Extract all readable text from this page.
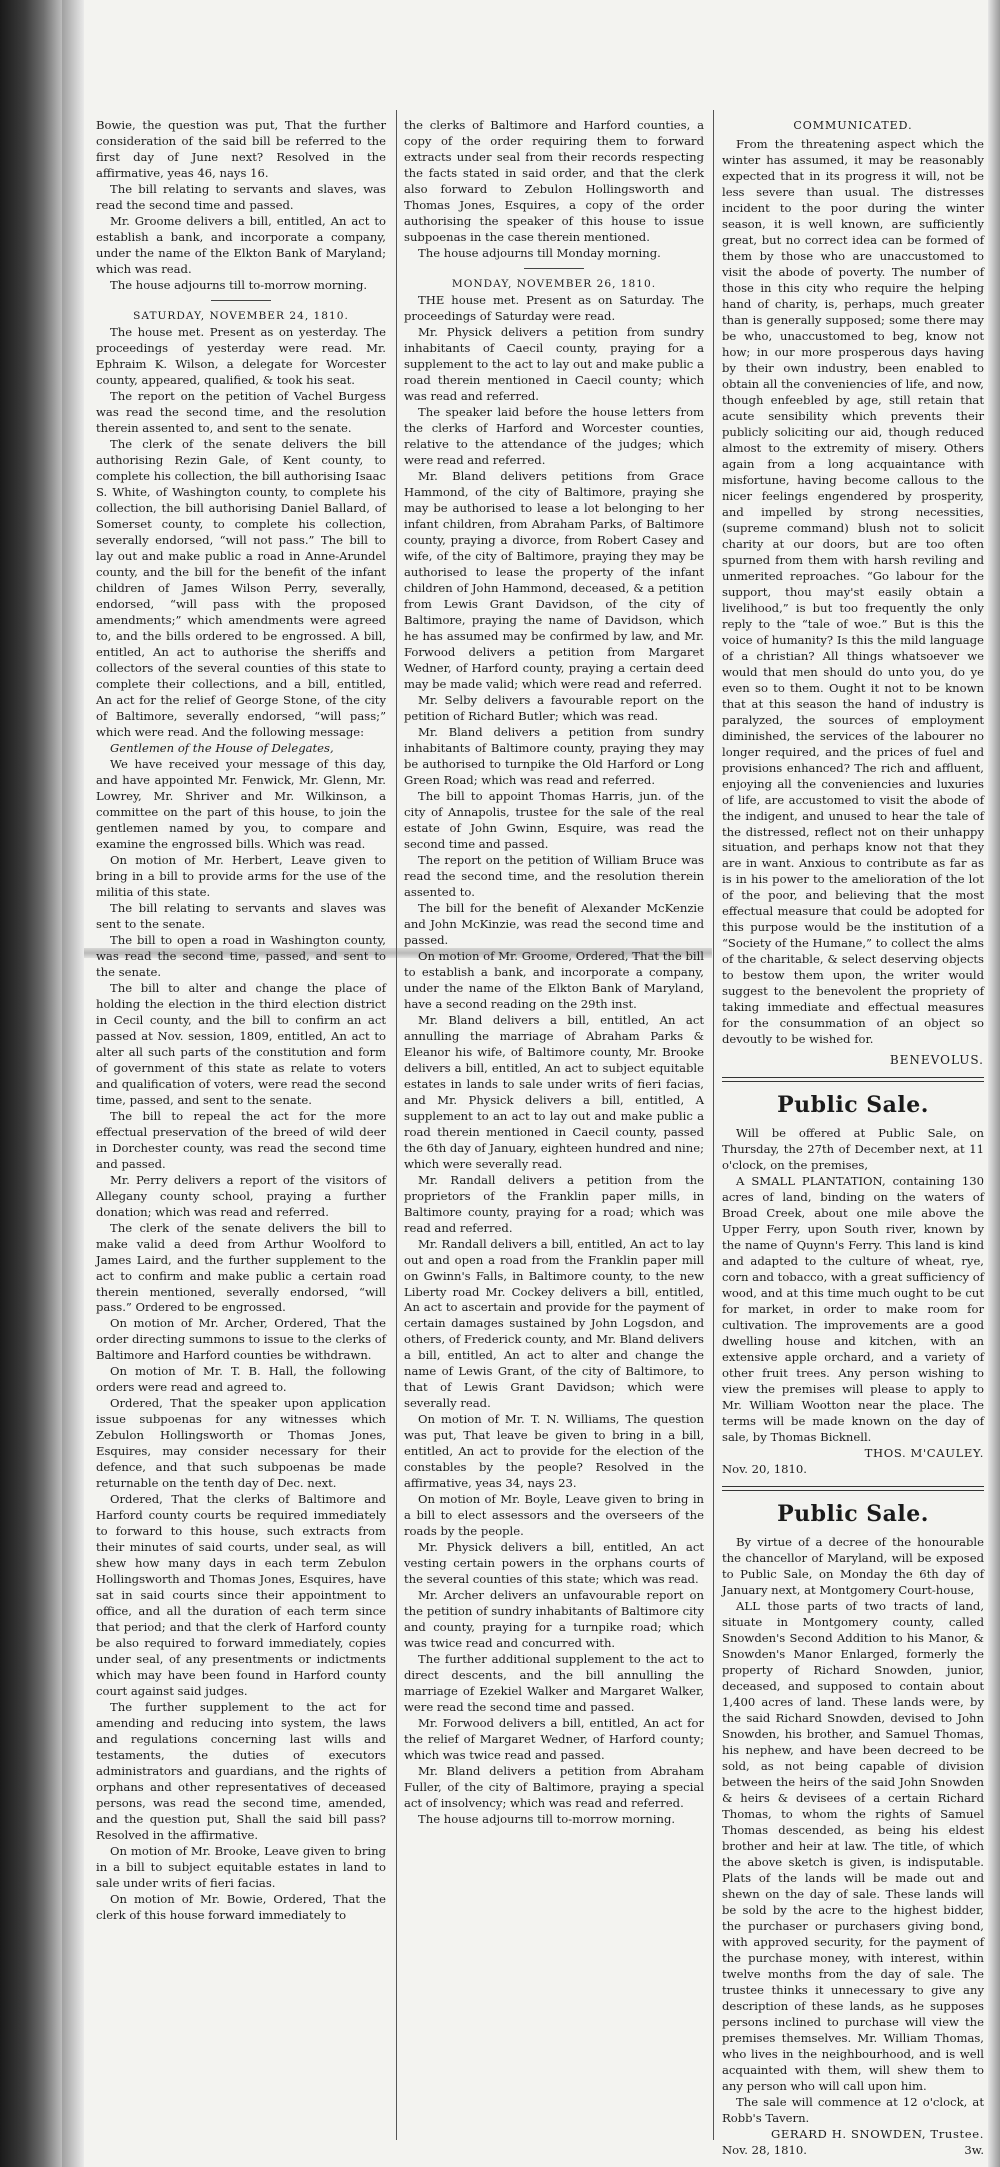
Bowie, the question was put, That the further consideration of the said bill be referred to the first day of June next? Resolved in the affirmative, yeas 46, nays 16.

The bill relating to servants and slaves, was read the second time and passed.

Mr. Groome delivers a bill, entitled, An act to establish a bank, and incorporate a company, under the name of the Elkton Bank of Maryland; which was read.

The house adjourns till to-morrow morning.

SATURDAY, NOVEMBER 24, 1810.

The house met. Present as on yesterday. The proceedings of yesterday were read. Mr. Ephraim K. Wilson, a delegate for Worcester county, appeared, qualified, & took his seat.

The report on the petition of Vachel Burgess was read the second time, and the resolution therein assented to, and sent to the senate.

The clerk of the senate delivers the bill authorising Rezin Gale, of Kent county, to complete his collection, the bill authorising Isaac S. White, of Washington county, to complete his collection, the bill authorising Daniel Ballard, of Somerset county, to complete his collection, severally endorsed, “will not pass.” The bill to lay out and make public a road in Anne-Arundel county, and the bill for the benefit of the infant children of James Wilson Perry, severally, endorsed, “will pass with the proposed amendments;” which amendments were agreed to, and the bills ordered to be engrossed. A bill, entitled, An act to authorise the sheriffs and collectors of the several counties of this state to complete their collections, and a bill, entitled, An act for the relief of George Stone, of the city of Baltimore, severally endorsed, “will pass;” which were read. And the following message:

Gentlemen of the House of Delegates,

We have received your message of this day, and have appointed Mr. Fenwick, Mr. Glenn, Mr. Lowrey, Mr. Shriver and Mr. Wilkinson, a committee on the part of this house, to join the gentlemen named by you, to compare and examine the engrossed bills. Which was read.

On motion of Mr. Herbert, Leave given to bring in a bill to provide arms for the use of the militia of this state.

The bill relating to servants and slaves was sent to the senate.

The bill to open a road in Washington county, was read the second time, passed, and sent to the senate.

The bill to alter and change the place of holding the election in the third election district in Cecil county, and the bill to confirm an act passed at Nov. session, 1809, entitled, An act to alter all such parts of the constitution and form of government of this state as relate to voters and qualification of voters, were read the second time, passed, and sent to the senate.

The bill to repeal the act for the more effectual preservation of the breed of wild deer in Dorchester county, was read the second time and passed.

Mr. Perry delivers a report of the visitors of Allegany county school, praying a further donation; which was read and referred.

The clerk of the senate delivers the bill to make valid a deed from Arthur Woolford to James Laird, and the further supplement to the act to confirm and make public a certain road therein mentioned, severally endorsed, “will pass.” Ordered to be engrossed.

On motion of Mr. Archer, Ordered, That the order directing summons to issue to the clerks of Baltimore and Harford counties be withdrawn.

On motion of Mr. T. B. Hall, the following orders were read and agreed to.

Ordered, That the speaker upon application issue subpoenas for any witnesses which Zebulon Hollingsworth or Thomas Jones, Esquires, may consider necessary for their defence, and that such subpoenas be made returnable on the tenth day of Dec. next.

Ordered, That the clerks of Baltimore and Harford county courts be required immediately to forward to this house, such extracts from their minutes of said courts, under seal, as will shew how many days in each term Zebulon Hollingsworth and Thomas Jones, Esquires, have sat in said courts since their appointment to office, and all the duration of each term since that period; and that the clerk of Harford county be also required to forward immediately, copies under seal, of any presentments or indictments which may have been found in Harford county court against said judges.

The further supplement to the act for amending and reducing into system, the laws and regulations concerning last wills and testaments, the duties of executors administrators and guardians, and the rights of orphans and other representatives of deceased persons, was read the second time, amended, and the question put, Shall the said bill pass? Resolved in the affirmative.

On motion of Mr. Brooke, Leave given to bring in a bill to subject equitable estates in land to sale under writs of fieri facias.

On motion of Mr. Bowie, Ordered, That the clerk of this house forward immediately to

the clerks of Baltimore and Harford counties, a copy of the order requiring them to forward extracts under seal from their records respecting the facts stated in said order, and that the clerk also forward to Zebulon Hollingsworth and Thomas Jones, Esquires, a copy of the order authorising the speaker of this house to issue subpoenas in the case therein mentioned.

The house adjourns till Monday morning.

MONDAY, NOVEMBER 26, 1810.

THE house met. Present as on Saturday. The proceedings of Saturday were read.

Mr. Physick delivers a petition from sundry inhabitants of Caecil county, praying for a supplement to the act to lay out and make public a road therein mentioned in Caecil county; which was read and referred.

The speaker laid before the house letters from the clerks of Harford and Worcester counties, relative to the attendance of the judges; which were read and referred.

Mr. Bland delivers petitions from Grace Hammond, of the city of Baltimore, praying she may be authorised to lease a lot belonging to her infant children, from Abraham Parks, of Baltimore county, praying a divorce, from Robert Casey and wife, of the city of Baltimore, praying they may be authorised to lease the property of the infant children of John Hammond, deceased, & a petition from Lewis Grant Davidson, of the city of Baltimore, praying the name of Davidson, which he has assumed may be confirmed by law, and Mr. Forwood delivers a petition from Margaret Wedner, of Harford county, praying a certain deed may be made valid; which were read and referred.

Mr. Selby delivers a favourable report on the petition of Richard Butler; which was read.

Mr. Bland delivers a petition from sundry inhabitants of Baltimore county, praying they may be authorised to turnpike the Old Harford or Long Green Road; which was read and referred.

The bill to appoint Thomas Harris, jun. of the city of Annapolis, trustee for the sale of the real estate of John Gwinn, Esquire, was read the second time and passed.

The report on the petition of William Bruce was read the second time, and the resolution therein assented to.

The bill for the benefit of Alexander McKenzie and John McKinzie, was read the second time and passed.

On motion of Mr. Groome, Ordered, That the bill to establish a bank, and incorporate a company, under the name of the Elkton Bank of Maryland, have a second reading on the 29th inst.

Mr. Bland delivers a bill, entitled, An act annulling the marriage of Abraham Parks & Eleanor his wife, of Baltimore county, Mr. Brooke delivers a bill, entitled, An act to subject equitable estates in lands to sale under writs of fieri facias, and Mr. Physick delivers a bill, entitled, A supplement to an act to lay out and make public a road therein mentioned in Caecil county, passed the 6th day of January, eighteen hundred and nine; which were severally read.

Mr. Randall delivers a petition from the proprietors of the Franklin paper mills, in Baltimore county, praying for a road; which was read and referred.

Mr. Randall delivers a bill, entitled, An act to lay out and open a road from the Franklin paper mill on Gwinn's Falls, in Baltimore county, to the new Liberty road Mr. Cockey delivers a bill, entitled, An act to ascertain and provide for the payment of certain damages sustained by John Logsdon, and others, of Frederick county, and Mr. Bland delivers a bill, entitled, An act to alter and change the name of Lewis Grant, of the city of Baltimore, to that of Lewis Grant Davidson; which were severally read.

On motion of Mr. T. N. Williams, The question was put, That leave be given to bring in a bill, entitled, An act to provide for the election of the constables by the people? Resolved in the affirmative, yeas 34, nays 23.

On motion of Mr. Boyle, Leave given to bring in a bill to elect assessors and the overseers of the roads by the people.

Mr. Physick delivers a bill, entitled, An act vesting certain powers in the orphans courts of the several counties of this state; which was read.

Mr. Archer delivers an unfavourable report on the petition of sundry inhabitants of Baltimore city and county, praying for a turnpike road; which was twice read and concurred with.

The further additional supplement to the act to direct descents, and the bill annulling the marriage of Ezekiel Walker and Margaret Walker, were read the second time and passed.

Mr. Forwood delivers a bill, entitled, An act for the relief of Margaret Wedner, of Harford county; which was twice read and passed.

Mr. Bland delivers a petition from Abraham Fuller, of the city of Baltimore, praying a special act of insolvency; which was read and referred.

The house adjourns till to-morrow morning.

COMMUNICATED.

From the threatening aspect which the winter has assumed, it may be reasonably expected that in its progress it will, not be less severe than usual. The distresses incident to the poor during the winter season, it is well known, are sufficiently great, but no correct idea can be formed of them by those who are unaccustomed to visit the abode of poverty. The number of those in this city who require the helping hand of charity, is, perhaps, much greater than is generally supposed; some there may be who, unaccustomed to beg, know not how; in our more prosperous days having by their own industry, been enabled to obtain all the conveniencies of life, and now, though enfeebled by age, still retain that acute sensibility which prevents their publicly soliciting our aid, though reduced almost to the extremity of misery. Others again from a long acquaintance with misfortune, having become callous to the nicer feelings engendered by prosperity, and impelled by strong necessities, (supreme command) blush not to solicit charity at our doors, but are too often spurned from them with harsh reviling and unmerited reproaches. “Go labour for the support, thou may'st easily obtain a livelihood,” is but too frequently the only reply to the “tale of woe.” But is this the voice of humanity? Is this the mild language of a christian? All things whatsoever we would that men should do unto you, do ye even so to them. Ought it not to be known that at this season the hand of industry is paralyzed, the sources of employment diminished, the services of the labourer no longer required, and the prices of fuel and provisions enhanced? The rich and affluent, enjoying all the conveniencies and luxuries of life, are accustomed to visit the abode of the indigent, and unused to hear the tale of the distressed, reflect not on their unhappy situation, and perhaps know not that they are in want. Anxious to contribute as far as is in his power to the amelioration of the lot of the poor, and believing that the most effectual measure that could be adopted for this purpose would be the institution of a “Society of the Humane,” to collect the alms of the charitable, & select deserving objects to bestow them upon, the writer would suggest to the benevolent the propriety of taking immediate and effectual measures for the consummation of an object so devoutly to be wished for.

BENEVOLUS.
Public Sale.

Will be offered at Public Sale, on Thursday, the 27th of December next, at 11 o'clock, on the premises,

A SMALL PLANTATION, containing 130 acres of land, binding on the waters of Broad Creek, about one mile above the Upper Ferry, upon South river, known by the name of Quynn's Ferry. This land is kind and adapted to the culture of wheat, rye, corn and tobacco, with a great sufficiency of wood, and at this time much ought to be cut for market, in order to make room for cultivation. The improvements are a good dwelling house and kitchen, with an extensive apple orchard, and a variety of other fruit trees. Any person wishing to view the premises will please to apply to Mr. William Wootton near the place. The terms will be made known on the day of sale, by Thomas Bicknell.

THOS. M'CAULEY.

Nov. 20, 1810.

Public Sale.

By virtue of a decree of the honourable the chancellor of Maryland, will be exposed to Public Sale, on Monday the 6th day of January next, at Montgomery Court-house,

ALL those parts of two tracts of land, situate in Montgomery county, called Snowden's Second Addition to his Manor, & Snowden's Manor Enlarged, formerly the property of Richard Snowden, junior, deceased, and supposed to contain about 1,400 acres of land. These lands were, by the said Richard Snowden, devised to John Snowden, his brother, and Samuel Thomas, his nephew, and have been decreed to be sold, as not being capable of division between the heirs of the said John Snowden & heirs & devisees of a certain Richard Thomas, to whom the rights of Samuel Thomas descended, as being his eldest brother and heir at law. The title, of which the above sketch is given, is indisputable. Plats of the lands will be made out and shewn on the day of sale. These lands will be sold by the acre to the highest bidder, the purchaser or purchasers giving bond, with approved security, for the payment of the purchase money, with interest, within twelve months from the day of sale. The trustee thinks it unnecessary to give any description of these lands, as he supposes persons inclined to purchase will view the premises themselves. Mr. William Thomas, who lives in the neighbourhood, and is well acquainted with them, will shew them to any person who will call upon him.

The sale will commence at 12 o'clock, at Robb's Tavern.

GERARD H. SNOWDEN, Trustee.

Nov. 28, 1810.	3w.
